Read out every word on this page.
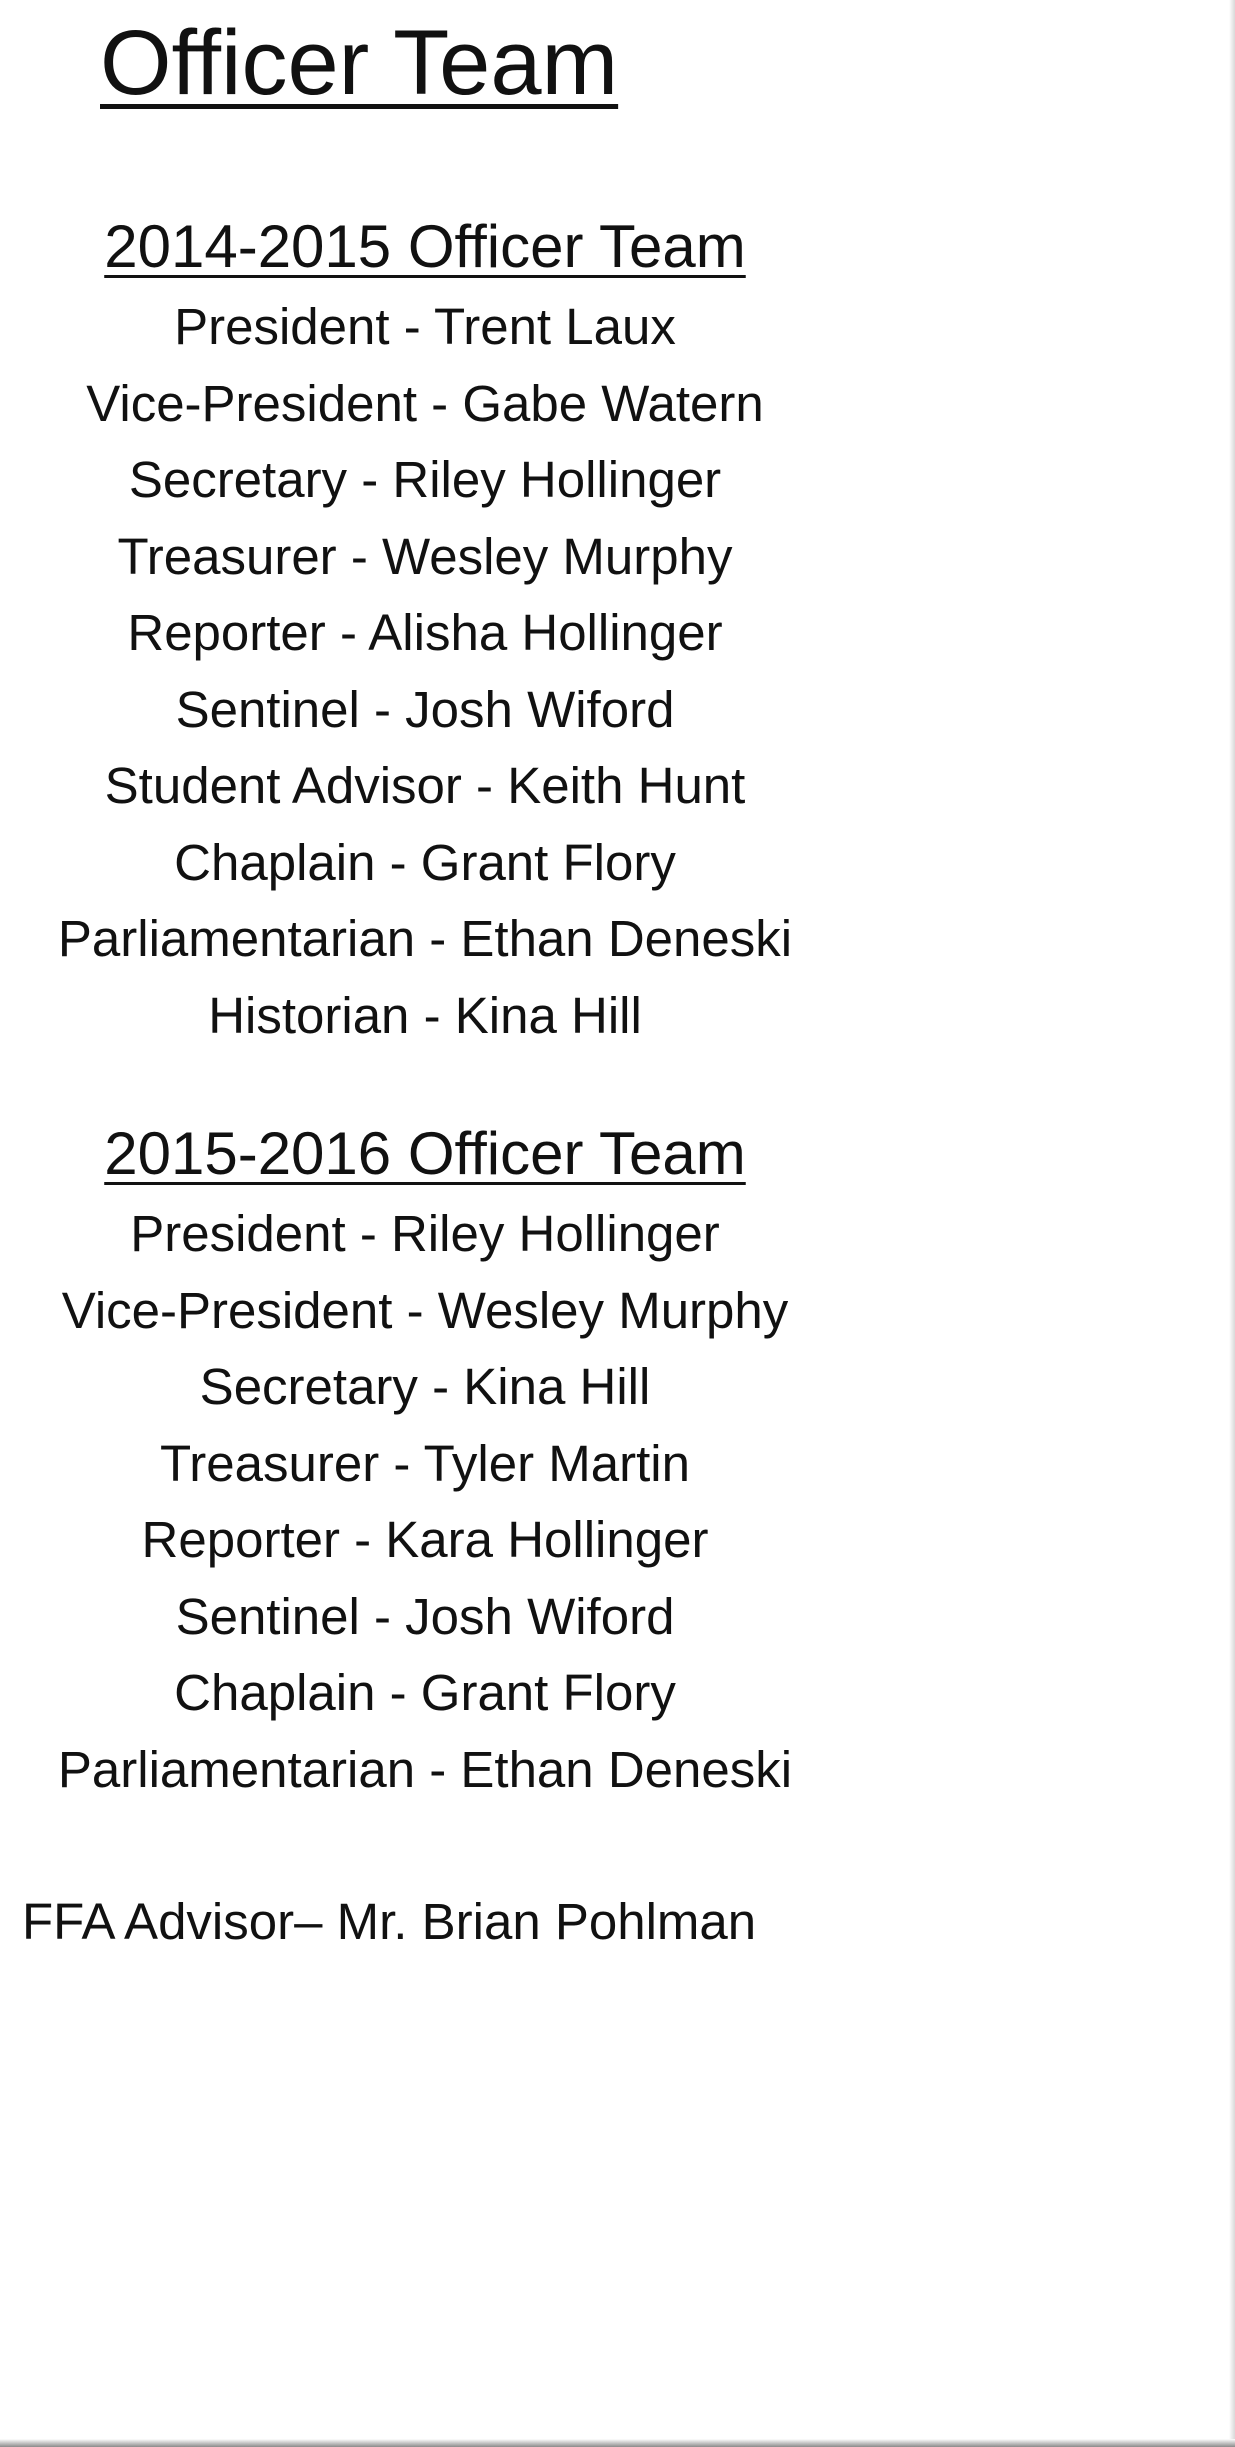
Officer Team
2014-2015 Officer Team
President - Trent Laux
Vice-President - Gabe Watern
Secretary - Riley Hollinger
Treasurer - Wesley Murphy
Reporter - Alisha Hollinger
Sentinel - Josh Wiford
Student Advisor - Keith Hunt
Chaplain - Grant Flory
Parliamentarian - Ethan Deneski
Historian - Kina Hill
2015-2016 Officer Team
President - Riley Hollinger
Vice-President - Wesley Murphy
Secretary - Kina Hill
Treasurer - Tyler Martin
Reporter - Kara Hollinger
Sentinel - Josh Wiford
Chaplain - Grant Flory
Parliamentarian - Ethan Deneski
FFA Advisor– Mr. Brian Pohlman
